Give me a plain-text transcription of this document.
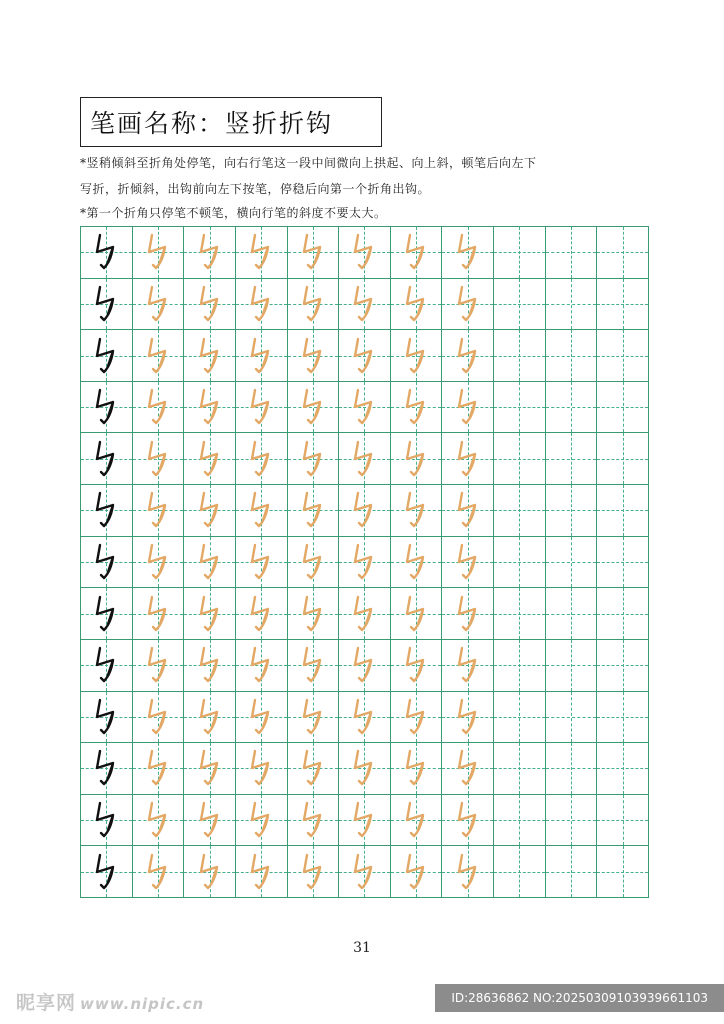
笔画名称：竖折折钩
*竖稍倾斜至折角处停笔，向右行笔这一段中间微向上拱起、向上斜，顿笔后向左下
写折，折倾斜，出钩前向左下按笔，停稳后向第一个折角出钩。
*第一个折角只停笔不顿笔，横向行笔的斜度不要太大。
31
昵享网 www.nipic.cn	ID:28636862 NO:20250309103939661103
